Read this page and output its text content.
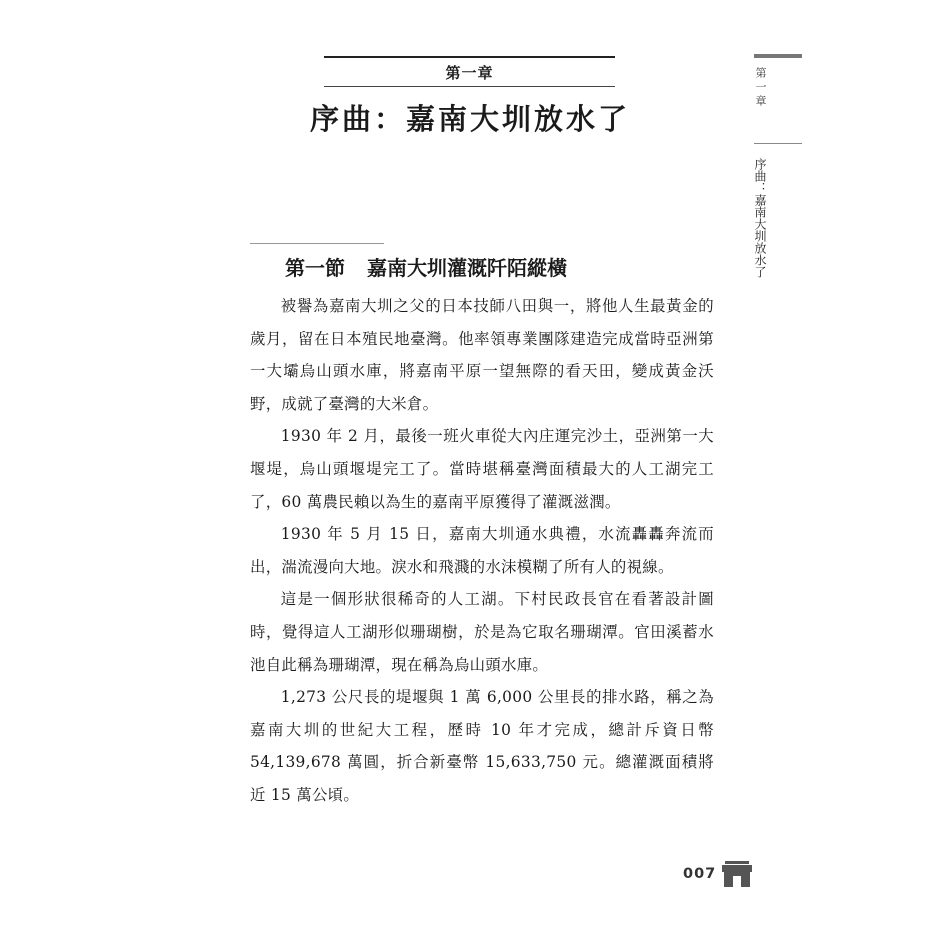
第一章
序曲：嘉南大圳放水了
第一節 嘉南大圳灌溉阡陌縱橫

被譽為嘉南大圳之父的日本技師八田與一，將他人生最黃金的歲月，留在日本殖民地臺灣。他率領專業團隊建造完成當時亞洲第一大壩烏山頭水庫，將嘉南平原一望無際的看天田，變成黃金沃野，成就了臺灣的大米倉。

1930 年 2 月，最後一班火車從大內庄運完沙土，亞洲第一大堰堤，烏山頭堰堤完工了。當時堪稱臺灣面積最大的人工湖完工了，60 萬農民賴以為生的嘉南平原獲得了灌溉滋潤。

1930 年 5 月 15 日，嘉南大圳通水典禮，水流轟轟奔流而出，湍流漫向大地。淚水和飛濺的水沫模糊了所有人的視線。

這是一個形狀很稀奇的人工湖。下村民政長官在看著設計圖時，覺得這人工湖形似珊瑚樹，於是為它取名珊瑚潭。官田溪蓄水池自此稱為珊瑚潭，現在稱為烏山頭水庫。

1,273 公尺長的堤堰與 1 萬 6,000 公里長的排水路，稱之為嘉南大圳的世紀大工程，歷時 10 年才完成，總計斥資日幣 54,139,678 萬圓，折合新臺幣 15,633,750 元。總灌溉面積將近 15 萬公頃。

第一章
序曲：嘉南大圳放水了
007
